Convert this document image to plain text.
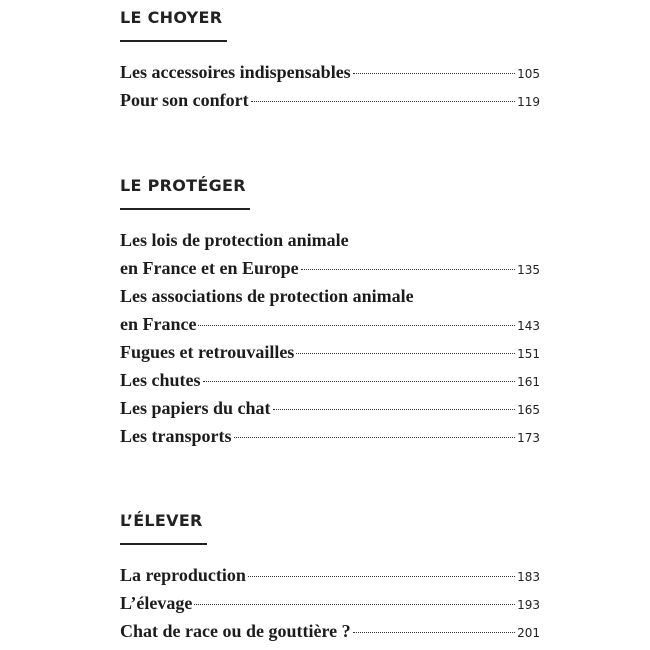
LE CHOYER
Les accessoires indispensables	105
Pour son confort	119
LE PROTÉGER
Les lois de protection animale
en France et en Europe	135
Les associations de protection animale
en France	143
Fugues et retrouvailles	151
Les chutes	161
Les papiers du chat	165
Les transports	173
L’ÉLEVER
La reproduction	183
L’élevage	193
Chat de race ou de gouttière ?	201
